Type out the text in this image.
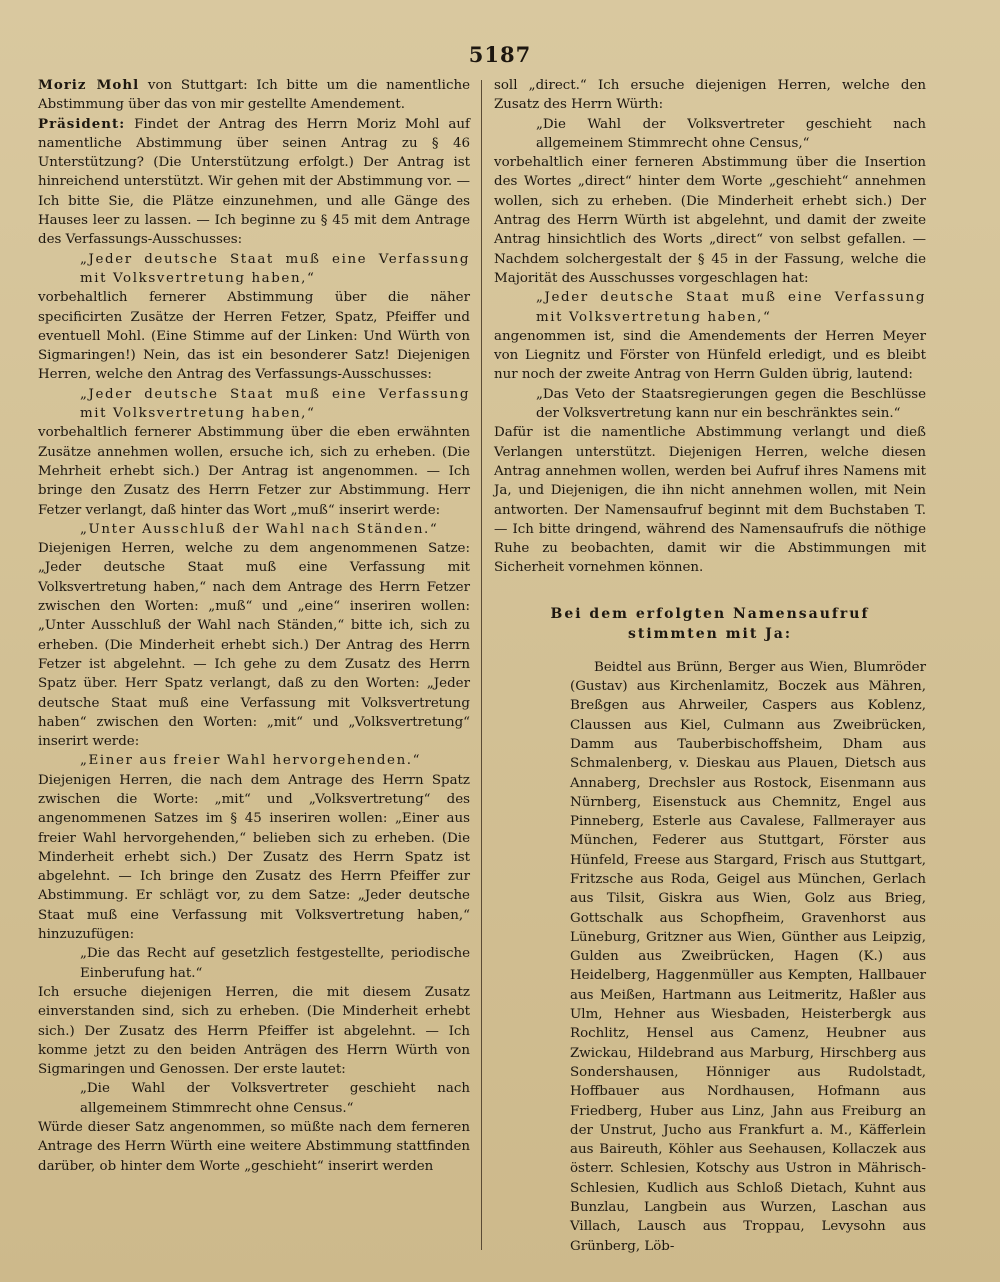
5187

Moriz Mohl von Stuttgart: Ich bitte um die namentliche Abstimmung über das von mir gestellte Amendement.

Präsident: Findet der Antrag des Herrn Moriz Mohl auf namentliche Abstimmung über seinen Antrag zu § 46 Unterstützung? (Die Unterstützung erfolgt.) Der Antrag ist hinreichend unterstützt. Wir gehen mit der Abstimmung vor. — Ich bitte Sie, die Plätze einzunehmen, und alle Gänge des Hauses leer zu lassen. — Ich beginne zu § 45 mit dem Antrage des Verfassungs-Ausschusses:

„Jeder deutsche Staat muß eine Verfassung mit Volksvertretung haben,“

vorbehaltlich fernerer Abstimmung über die näher specificirten Zusätze der Herren Fetzer, Spatz, Pfeiffer und eventuell Mohl. (Eine Stimme auf der Linken: Und Würth von Sigmaringen!) Nein, das ist ein besonderer Satz! Diejenigen Herren, welche den Antrag des Verfassungs-Ausschusses:

„Jeder deutsche Staat muß eine Verfassung mit Volksvertretung haben,“

vorbehaltlich fernerer Abstimmung über die eben erwähnten Zusätze annehmen wollen, ersuche ich, sich zu erheben. (Die Mehrheit erhebt sich.) Der Antrag ist angenommen. — Ich bringe den Zusatz des Herrn Fetzer zur Abstimmung. Herr Fetzer verlangt, daß hinter das Wort „muß“ inserirt werde:

„Unter Ausschluß der Wahl nach Ständen.“

Diejenigen Herren, welche zu dem angenommenen Satze: „Jeder deutsche Staat muß eine Verfassung mit Volksvertretung haben,“ nach dem Antrage des Herrn Fetzer zwischen den Worten: „muß“ und „eine“ inseriren wollen: „Unter Ausschluß der Wahl nach Ständen,“ bitte ich, sich zu erheben. (Die Minderheit erhebt sich.) Der Antrag des Herrn Fetzer ist abgelehnt. — Ich gehe zu dem Zusatz des Herrn Spatz über. Herr Spatz verlangt, daß zu den Worten: „Jeder deutsche Staat muß eine Verfassung mit Volksvertretung haben“ zwischen den Worten: „mit“ und „Volksvertretung“ inserirt werde:

„Einer aus freier Wahl hervorgehenden.“

Diejenigen Herren, die nach dem Antrage des Herrn Spatz zwischen die Worte: „mit“ und „Volksvertretung“ des angenommenen Satzes im § 45 inseriren wollen: „Einer aus freier Wahl hervorgehenden,“ belieben sich zu erheben. (Die Minderheit erhebt sich.) Der Zusatz des Herrn Spatz ist abgelehnt. — Ich bringe den Zusatz des Herrn Pfeiffer zur Abstimmung. Er schlägt vor, zu dem Satze: „Jeder deutsche Staat muß eine Verfassung mit Volksvertretung haben,“ hinzuzufügen:

„Die das Recht auf gesetzlich festgestellte, periodische Einberufung hat.“

Ich ersuche diejenigen Herren, die mit diesem Zusatz einverstanden sind, sich zu erheben. (Die Minderheit erhebt sich.) Der Zusatz des Herrn Pfeiffer ist abgelehnt. — Ich komme jetzt zu den beiden Anträgen des Herrn Würth von Sigmaringen und Genossen. Der erste lautet:

„Die Wahl der Volksvertreter geschieht nach allgemeinem Stimmrecht ohne Census.“

Würde dieser Satz angenommen, so müßte nach dem ferneren Antrage des Herrn Würth eine weitere Abstimmung stattfinden darüber, ob hinter dem Worte „geschieht“ inserirt werden

soll „direct.“ Ich ersuche diejenigen Herren, welche den Zusatz des Herrn Würth:

„Die Wahl der Volksvertreter geschieht nach allgemeinem Stimmrecht ohne Census,“

vorbehaltlich einer ferneren Abstimmung über die Insertion des Wortes „direct“ hinter dem Worte „geschieht“ annehmen wollen, sich zu erheben. (Die Minderheit erhebt sich.) Der Antrag des Herrn Würth ist abgelehnt, und damit der zweite Antrag hinsichtlich des Worts „direct“ von selbst gefallen. — Nachdem solchergestalt der § 45 in der Fassung, welche die Majorität des Ausschusses vorgeschlagen hat:

„Jeder deutsche Staat muß eine Verfassung mit Volksvertretung haben,“

angenommen ist, sind die Amendements der Herren Meyer von Liegnitz und Förster von Hünfeld erledigt, und es bleibt nur noch der zweite Antrag von Herrn Gulden übrig, lautend:

„Das Veto der Staatsregierungen gegen die Beschlüsse der Volksvertretung kann nur ein beschränktes sein.“

Dafür ist die namentliche Abstimmung verlangt und dieß Verlangen unterstützt. Diejenigen Herren, welche diesen Antrag annehmen wollen, werden bei Aufruf ihres Namens mit Ja, und Diejenigen, die ihn nicht annehmen wollen, mit Nein antworten. Der Namensaufruf beginnt mit dem Buchstaben T. — Ich bitte dringend, während des Namensaufrufs die nöthige Ruhe zu beobachten, damit wir die Abstimmungen mit Sicherheit vornehmen können.

Bei dem erfolgten Namensaufruf stimmten mit Ja:

Beidtel aus Brünn, Berger aus Wien, Blumröder (Gustav) aus Kirchenlamitz, Boczek aus Mähren, Breßgen aus Ahrweiler, Caspers aus Koblenz, Claussen aus Kiel, Culmann aus Zweibrücken, Damm aus Tauberbischoffsheim, Dham aus Schmalenberg, v. Dieskau aus Plauen, Dietsch aus Annaberg, Drechsler aus Rostock, Eisenmann aus Nürnberg, Eisenstuck aus Chemnitz, Engel aus Pinneberg, Esterle aus Cavalese, Fallmerayer aus München, Federer aus Stuttgart, Förster aus Hünfeld, Freese aus Stargard, Frisch aus Stuttgart, Fritzsche aus Roda, Geigel aus München, Gerlach aus Tilsit, Giskra aus Wien, Golz aus Brieg, Gottschalk aus Schopfheim, Gravenhorst aus Lüneburg, Gritzner aus Wien, Günther aus Leipzig, Gulden aus Zweibrücken, Hagen (K.) aus Heidelberg, Haggenmüller aus Kempten, Hallbauer aus Meißen, Hartmann aus Leitmeritz, Haßler aus Ulm, Hehner aus Wiesbaden, Heisterbergk aus Rochlitz, Hensel aus Camenz, Heubner aus Zwickau, Hildebrand aus Marburg, Hirschberg aus Sondershausen, Hönniger aus Rudolstadt, Hoffbauer aus Nordhausen, Hofmann aus Friedberg, Huber aus Linz, Jahn aus Freiburg an der Unstrut, Jucho aus Frankfurt a. M., Käfferlein aus Baireuth, Köhler aus Seehausen, Kollaczek aus österr. Schlesien, Kotschy aus Ustron in Mährisch-Schlesien, Kudlich aus Schloß Dietach, Kuhnt aus Bunzlau, Langbein aus Wurzen, Laschan aus Villach, Lausch aus Troppau, Levysohn aus Grünberg, Löb-
